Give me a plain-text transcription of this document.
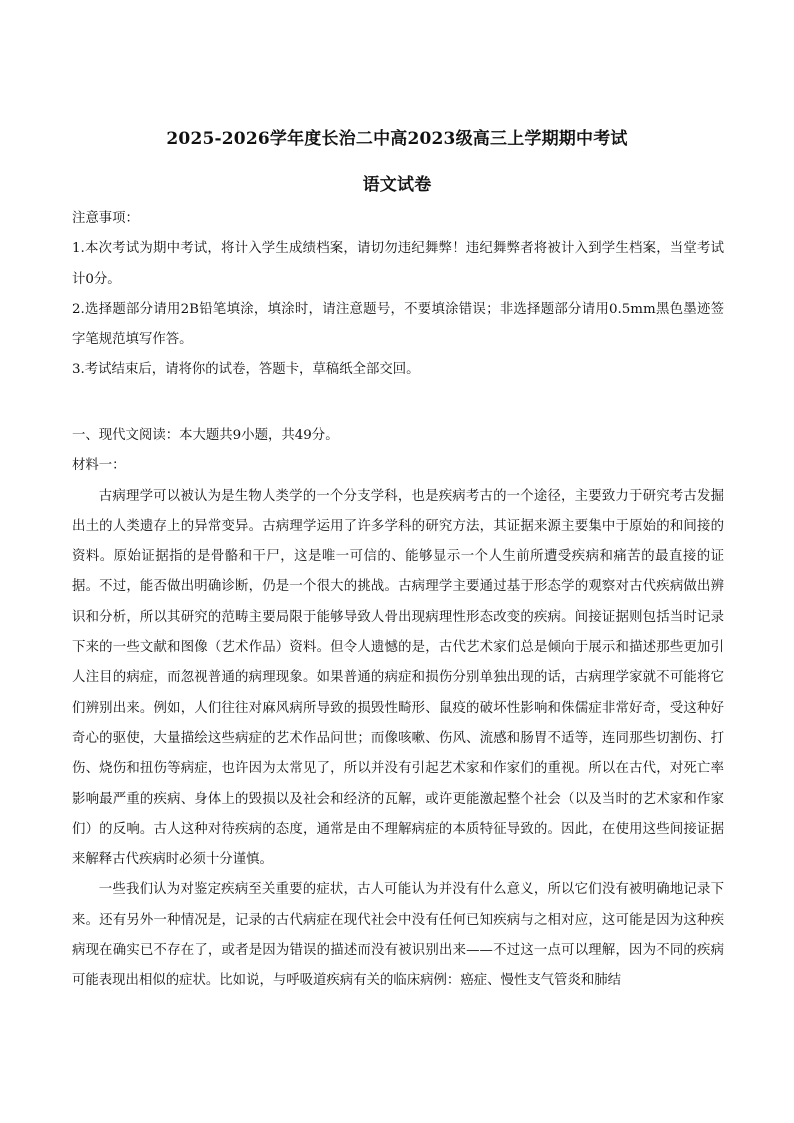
2025-2026学年度长治二中高2023级高三上学期期中考试
语文试卷

注意事项：

1.本次考试为期中考试，将计入学生成绩档案，请切勿违纪舞弊！违纪舞弊者将被计入到学生档案，当堂考试计0分。

2.选择题部分请用2B铅笔填涂，填涂时，请注意题号，不要填涂错误；非选择题部分请用0.5mm黑色墨迹签字笔规范填写作答。

3.考试结束后，请将你的试卷，答题卡，草稿纸全部交回。

一、现代文阅读：本大题共9小题，共49分。

材料一：

古病理学可以被认为是生物人类学的一个分支学科，也是疾病考古的一个途径，主要致力于研究考古发掘出土的人类遗存上的异常变异。古病理学运用了许多学科的研究方法，其证据来源主要集中于原始的和间接的资料。原始证据指的是骨骼和干尸，这是唯一可信的、能够显示一个人生前所遭受疾病和痛苦的最直接的证据。不过，能否做出明确诊断，仍是一个很大的挑战。古病理学主要通过基于形态学的观察对古代疾病做出辨识和分析，所以其研究的范畴主要局限于能够导致人骨出现病理性形态改变的疾病。间接证据则包括当时记录下来的一些文献和图像（艺术作品）资料。但令人遗憾的是，古代艺术家们总是倾向于展示和描述那些更加引人注目的病症，而忽视普通的病理现象。如果普通的病症和损伤分别单独出现的话，古病理学家就不可能将它们辨别出来。例如，人们往往对麻风病所导致的损毁性畸形、鼠疫的破坏性影响和侏儒症非常好奇，受这种好奇心的驱使，大量描绘这些病症的艺术作品问世；而像咳嗽、伤风、流感和肠胃不适等，连同那些切割伤、打伤、烧伤和扭伤等病症，也许因为太常见了，所以并没有引起艺术家和作家们的重视。所以在古代，对死亡率影响最严重的疾病、身体上的毁损以及社会和经济的瓦解，或许更能激起整个社会（以及当时的艺术家和作家们）的反响。古人这种对待疾病的态度，通常是由不理解病症的本质特征导致的。因此，在使用这些间接证据来解释古代疾病时必须十分谨慎。

一些我们认为对鉴定疾病至关重要的症状，古人可能认为并没有什么意义，所以它们没有被明确地记录下来。还有另外一种情况是，记录的古代病症在现代社会中没有任何已知疾病与之相对应，这可能是因为这种疾病现在确实已不存在了，或者是因为错误的描述而没有被识别出来——不过这一点可以理解，因为不同的疾病可能表现出相似的症状。比如说，与呼吸道疾病有关的临床病例：癌症、慢性支气管炎和肺结
